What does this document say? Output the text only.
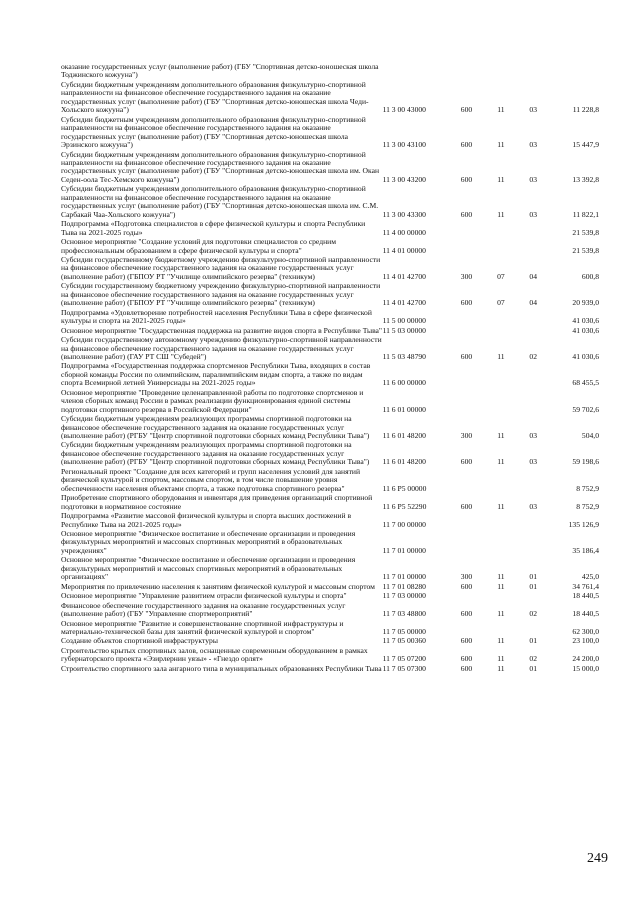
оказание государственных услуг (выполнение работ) (ГБУ "Спортивная детско-юношеская школа Тоджинского кожууна")					
Субсидии бюджетным учреждениям дополнительного образования физкультурно-спортивной направленности на финансовое обеспечение государственного задания на оказание государственных услуг (выполнение работ) (ГБУ "Спортивная детско-юношеская школа Чеди-Хольского кожууна")	11 3 00 43000	600	11	03	11 228,8
Субсидии бюджетным учреждениям дополнительного образования физкультурно-спортивной направленности на финансовое обеспечение государственного задания на оказание государственных услуг (выполнение работ) (ГБУ "Спортивная детско-юношеская школа Эрзинского кожууна")	11 3 00 43100	600	11	03	15 447,9
Субсидии бюджетным учреждениям дополнительного образования физкультурно-спортивной направленности на финансовое обеспечение государственного задания на оказание государственных услуг (выполнение работ) (ГБУ "Спортивная детско-юношеская школа им. Окан Седен-оола Тес-Хемского кожууна")	11 3 00 43200	600	11	03	13 392,8
Субсидии бюджетным учреждениям дополнительного образования физкультурно-спортивной направленности на финансовое обеспечение государственного задания на оказание государственных услуг (выполнение работ) (ГБУ "Спортивная детско-юношеская школа им. С.М. Сарбакай Чаа-Хольского кожууна")	11 3 00 43300	600	11	03	11 822,1
Подпрограмма «Подготовка специалистов в сфере физической культуры и спорта Республики Тыва на 2021-2025 годы»	11 4 00 00000				21 539,8
Основное мероприятие "Создание условий для подготовки специалистов со средним профессиональным образованием в сфере физической культуры и спорта"	11 4 01 00000				21 539,8
Субсидии государственному бюджетному учреждению физкультурно-спортивной направленности на финансовое обеспечение государственного задания на оказание государственных услуг (выполнение работ) (ГБПОУ РТ "Училище олимпийского резерва" (техникум)	11 4 01 42700	300	07	04	600,8
Субсидии государственному бюджетному учреждению физкультурно-спортивной направленности на финансовое обеспечение государственного задания на оказание государственных услуг (выполнение работ) (ГБПОУ РТ "Училище олимпийского резерва" (техникум)	11 4 01 42700	600	07	04	20 939,0
Подпрограмма «Удовлетворение потребностей населения Республики Тыва в сфере физической культуры и спорта на 2021-2025 годы»	11 5 00 00000				41 030,6
Основное мероприятие "Государственная поддержка на развитие видов спорта в Республике Тыва"	11 5 03 00000				41 030,6
Субсидии государственному автономному учреждению физкультурно-спортивной направленности на финансовое обеспечение государственного задания на оказание государственных услуг (выполнение работ) (ГАУ РТ СШ "Субедей")	11 5 03 48790	600	11	02	41 030,6
Подпрограмма «Государственная поддержка спортсменов Республики Тыва, входящих в состав сборной команды России по олимпийским, паралимпийским видам спорта, а также по видам спорта Всемирной летней Универсиады на 2021-2025 годы»	11 6 00 00000				68 455,5
Основное мероприятие "Проведение целенаправленной работы по подготовке спортсменов и членов сборных команд России в рамках реализации функционирования единой системы подготовки спортивного резерва в Российской Федерации"	11 6 01 00000				59 702,6
Субсидии бюджетным учреждениям реализующих программы спортивной подготовки на финансовое обеспечение государственного задания на оказание государственных услуг (выполнение работ) (РГБУ "Центр спортивной подготовки сборных команд Республики Тыва")	11 6 01 48200	300	11	03	504,0
Субсидии бюджетным учреждениям реализующих программы спортивной подготовки на финансовое обеспечение государственного задания на оказание государственных услуг (выполнение работ) (РГБУ "Центр спортивной подготовки сборных команд Республики Тыва")	11 6 01 48200	600	11	03	59 198,6
Региональный проект "Создание для всех категорий и групп населения условий для занятий физической культурой и спортом, массовым спортом, в том числе повышение уровня обеспеченности населения объектами спорта, а также подготовка спортивного резерва"	11 6 P5 00000				8 752,9
Приобретение спортивного оборудования и инвентаря для приведения организаций спортивной подготовки в нормативное состояние	11 6 P5 52290	600	11	03	8 752,9
Подпрограмма «Развитие массовой физической культуры и спорта высших достижений в Республике Тыва на 2021-2025 годы»	11 7 00 00000				135 126,9
Основное мероприятие "Физическое воспитание и обеспечение организации и проведения физкультурных мероприятий и массовых спортивных мероприятий в образовательных учреждениях"	11 7 01 00000				35 186,4
Основное мероприятие "Физическое воспитание и обеспечение организации и проведения физкультурных мероприятий и массовых спортивных мероприятий в образовательных организациях"	11 7 01 00000	300	11	01	425,0
Мероприятия по привлечению населения к занятиям физической культурой и массовым спортом	11 7 01 08280	600	11	01	34 761,4
Основное мероприятие "Управление развитием отрасли физической культуры и спорта"	11 7 03 00000				18 440,5
Финансовое обеспечение государственного задания на оказание государственных услуг (выполнение работ) (ГБУ "Управление спортмероприятий"	11 7 03 48800	600	11	02	18 440,5
Основное мероприятие "Развитие и совершенствование спортивной инфраструктуры и материально-технической базы для занятий физической культурой и спортом"	11 7 05 00000				62 300,0
Создание объектов спортивной инфраструктуры	11 7 05 00360	600	11	01	23 100,0
Строительство крытых спортивных залов, оснащенные современным оборудованием в рамках губернаторского проекта «Эзирлернин уязы» - «Гнездо орлят»	11 7 05 07200	600	11	02	24 200,0
Строительство спортивного зала ангарного типа в муниципальных образованиях Республики Тыва	11 7 05 07300	600	11	01	15 000,0
249
